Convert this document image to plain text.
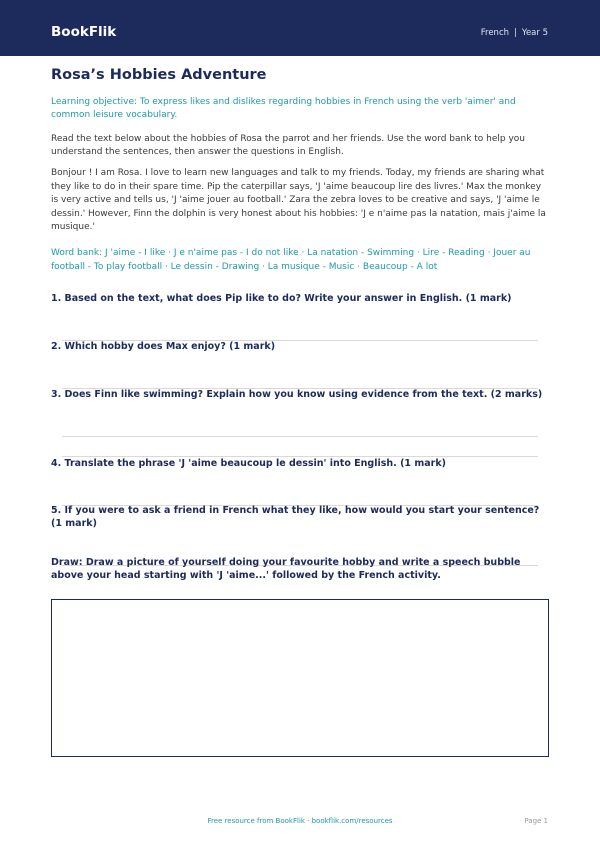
BookFlik	French | Year 5
Rosa’s Hobbies Adventure
Learning objective: To express likes and dislikes regarding hobbies in French using the verb 'aimer' and common leisure vocabulary.
Read the text below about the hobbies of Rosa the parrot and her friends. Use the word bank to help you understand the sentences, then answer the questions in English.
Bonjour ! I am Rosa. I love to learn new languages and talk to my friends. Today, my friends are sharing what they like to do in their spare time. Pip the caterpillar says, 'J 'aime beaucoup lire des livres.' Max the monkey is very active and tells us, 'J 'aime jouer au football.' Zara the zebra loves to be creative and says, 'J 'aime le dessin.' However, Finn the dolphin is very honest about his hobbies: 'J e n'aime pas la natation, mais j'aime la musique.'
Word bank: J 'aime - I like · J e n'aime pas - I do not like · La natation - Swimming · Lire - Reading · Jouer au football - To play football · Le dessin - Drawing · La musique - Music · Beaucoup - A lot
1. Based on the text, what does Pip like to do? Write your answer in English. (1 mark)
2. Which hobby does Max enjoy? (1 mark)
3. Does Finn like swimming? Explain how you know using evidence from the text. (2 marks)
4. Translate the phrase 'J 'aime beaucoup le dessin' into English. (1 mark)
5. If you were to ask a friend in French what they like, how would you start your sentence? (1 mark)
Draw: Draw a picture of yourself doing your favourite hobby and write a speech bubble above your head starting with 'J 'aime...' followed by the French activity.
Free resource from BookFlik · bookflik.com/resources	Page 1
